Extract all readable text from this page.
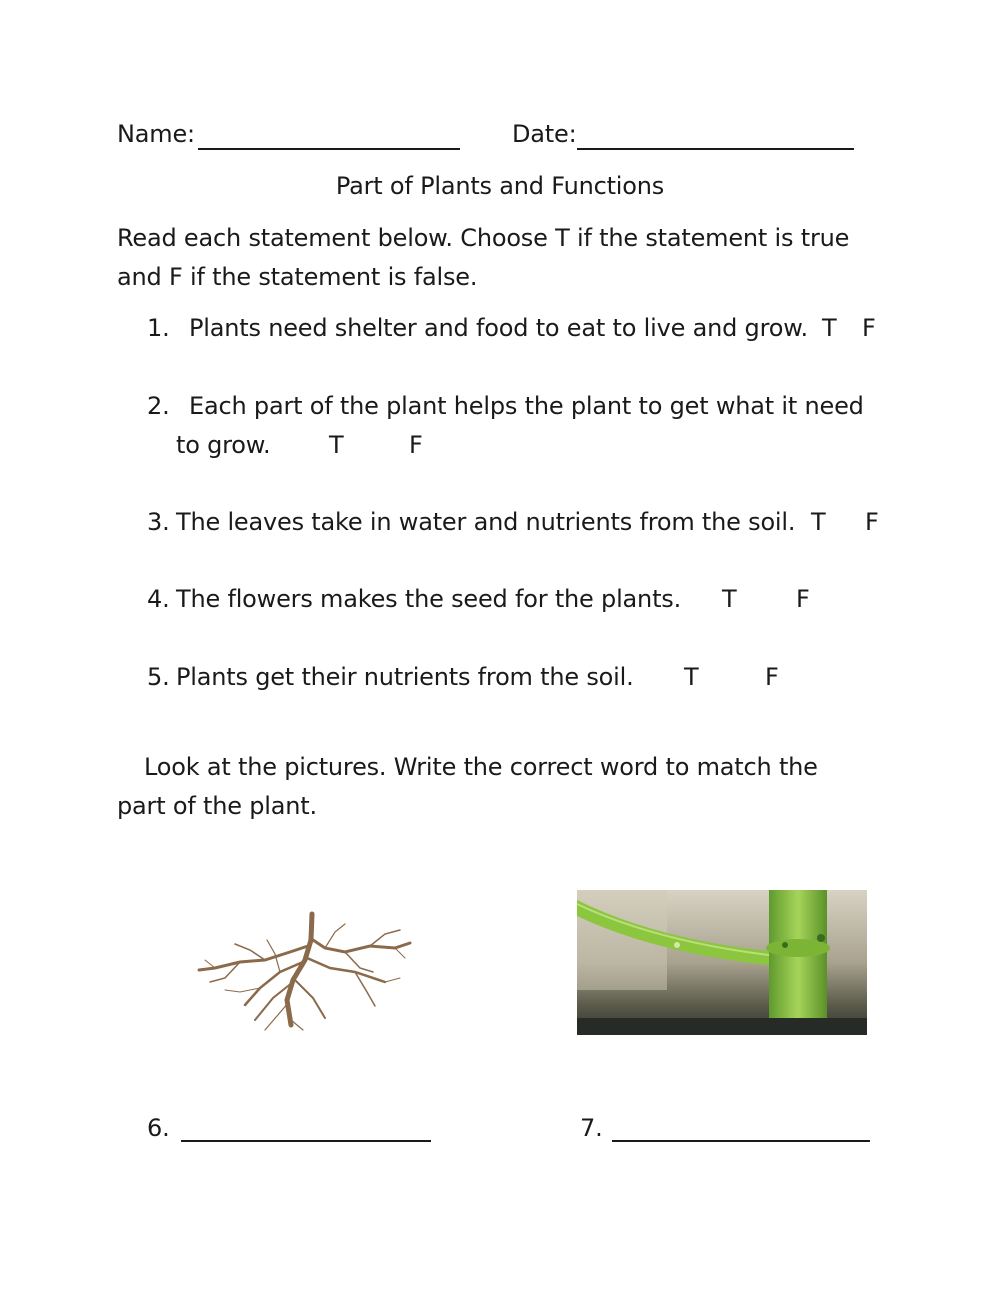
Name:	Date:
Part of Plants and Functions
Read each statement below. Choose T if the statement is true
and F if the statement is false.
1. Plants need shelter and food to eat to live and grow. T F
2. Each part of the plant helps the plant to get what it need
to grow. T	F
3. The leaves take in water and nutrients from the soil. T F
4. The flowers makes the seed for the plants. T F
5. Plants get their nutrients from the soil. T	F
Look at the pictures. Write the correct word to match the
part of the plant.
6.	7.
